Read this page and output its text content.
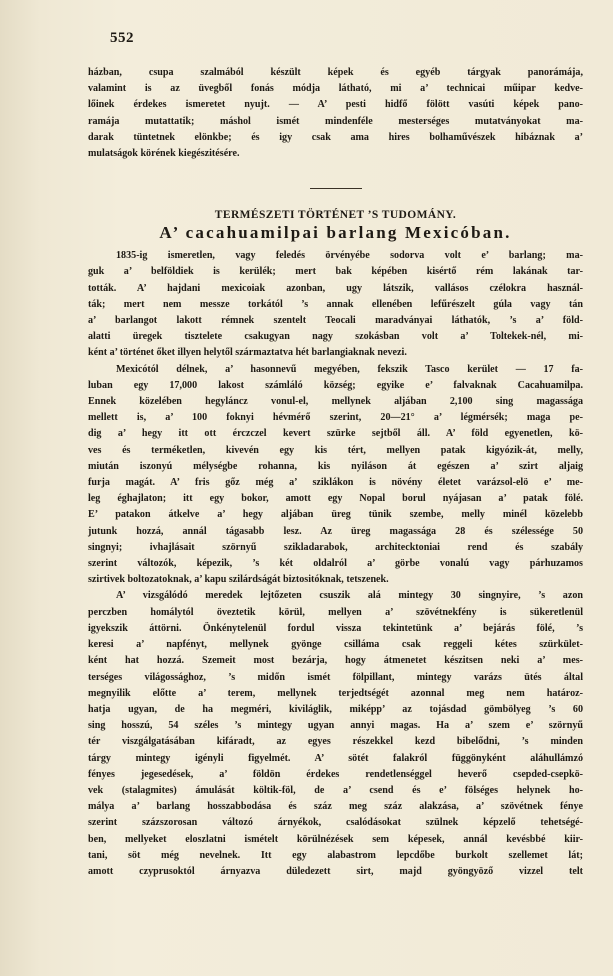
552

házban, csupa szalmából készült képek és egyéb tárgyak panorámája,
valamint is az üvegből fonás módja látható, mi a’ technicai műipar kedve-
lőinek érdekes ismeretet nyujt. — A’ pesti hidfő fölött vasúti képek pano-
ramája mutattatik; máshol ismét mindenféle mesterséges mutatványokat ma-
darak tüntetnek elönkbe; és igy csak ama hires bolhaművészek hibáznak a’
mulatságok körének kiegészitésére.

TERMÉSZETI TÖRTÉNET ’S TUDOMÁNY.
A’ cacahuamilpai barlang Mexicóban.

1835-ig ismeretlen, vagy feledés örvényébe sodorva volt e’ barlang; ma-
guk a’ belföldiek is kerülék; mert bak képében kisértő rém lakának tar-
tották. A’ hajdani mexicoiak azonban, ugy látszik, vallásos czélokra használ-
ták; mert nem messze torkától ’s annak ellenében lefűrészelt gúla vagy tán
a’ barlangot lakott rémnek szentelt Teocali maradványai láthatók, ’s a’ föld-
alatti üregek tisztelete csakugyan nagy szokásban volt a’ Toltekek-nél, mi-
ként a’ történet őket illyen helytől származtatva hét barlangiaknak nevezi.

Mexicótól délnek, a’ hasonnevű megyében, fekszik Tasco kerület — 17 fa-
luban egy 17,000 lakost számláló község; egyike e’ falvaknak Cacahuamilpa.
Ennek közelében hegyláncz vonul-el, mellynek aljában 2,100 sing magassága
mellett is, a’ 100 foknyi hévmérő szerint, 20—21° a’ légmérsék; maga pe-
dig a’ hegy itt ott érczczel kevert szürke sejtből áll. A’ föld egyenetlen, kö-
ves és terméketlen, kivevén egy kis tért, mellyen patak kigyózik-át, melly,
miután iszonyú mélységbe rohanna, kis nyiláson át egészen a’ szirt aljaig
furja magát. A’ fris gőz még a’ sziklákon is növény életet varázsol-elö e’ me-
leg éghajlaton; itt egy bokor, amott egy Nopal borul nyájasan a’ patak fölé.
E’ patakon átkelve a’ hegy aljában üreg tünik szembe, melly minél közelebb
jutunk hozzá, annál tágasabb lesz. Az üreg magassága 28 és szélessége 50
singnyi; ivhajlásait szörnyű szikladarabok, architecktoniai rend és szabály
szerint változók, képezik, ’s két oldalról a’ görbe vonalú vagy párhuzamos
szirtivek boltozatoknak, a’ kapu szilárdságát biztositóknak, tetszenek.

A’ vizsgálódó meredek lejtőzeten csuszik alá mintegy 30 singnyire, ’s azon
perczben homálytól öveztetik körül, mellyen a’ szövétnekfény is sükeretlenül
igyekszik áttörni. Önkénytelenül fordul vissza tekintetünk a’ bejárás fölé, ’s
keresi a’ napfényt, mellynek gyönge csilláma csak reggeli kétes szürkület-
ként hat hozzá. Szemeit most bezárja, hogy átmenetet készitsen neki a’ mes-
terséges világossághoz, ’s midőn ismét fölpillant, mintegy varázs ütés által
megnyilik előtte a’ terem, mellynek terjedtségét azonnal meg nem határoz-
hatja ugyan, de ha megméri, kiviláglik, miképp’ az tojásdad gömbölyeg ’s 60
sing hosszú, 54 széles ’s mintegy ugyan annyi magas. Ha a’ szem e’ szörnyű
tér viszgálgatásában kifáradt, az egyes részekkel kezd bibelődni, ’s minden
tárgy mintegy igényli figyelmét. A’ sötét falakról függönyként aláhullámzó
fényes jegesedések, a’ földön érdekes rendetlenséggel heverő csepded-csepkö-
vek (stalagmites) ámulását költik-föl, de a’ csend és e’ fölséges helynek ho-
málya a’ barlang hosszabbodása és száz meg száz alakzása, a’ szövétnek fénye
szerint százszorosan változó árnyékok, csalódásokat szülnek képzelő tehetségé-
ben, mellyeket eloszlatni ismételt körülnézések sem képesek, annál kevésbbé kiir-
tani, söt még nevelnek. Itt egy alabastrom lepcdőbe burkolt szellemet lát;
amott czyprusoktól árnyazva düledezett sirt, majd gyöngyöző vizzel telt
